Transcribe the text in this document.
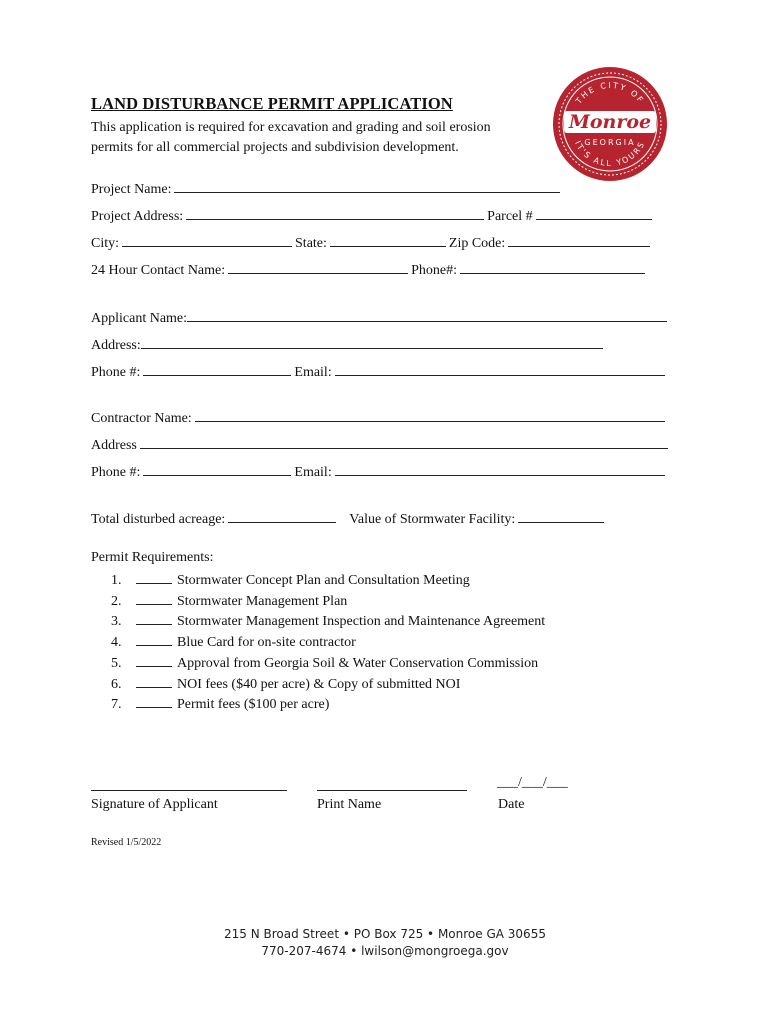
LAND DISTURBANCE PERMIT APPLICATION
This application is required for excavation and grading and soil erosion
permits for all commercial projects and subdivision development.
THE CITY OF
Monroe
GEORGIA
IT'S ALL YOURS
Project Name:
Project Address:	Parcel #
City:	State:	Zip Code:
24 Hour Contact Name:	Phone#:
Applicant Name:
Address:
Phone #:	Email:
Contractor Name:
Address
Phone #:	Email:
Total disturbed acreage:	Value of Stormwater Facility:
Permit Requirements:
1.	Stormwater Concept Plan and Consultation Meeting
2.	Stormwater Management Plan
3.	Stormwater Management Inspection and Maintenance Agreement
4.	Blue Card for on-site contractor
5.	Approval from Georgia Soil & Water Conservation Commission
6.	NOI fees ($40 per acre) & Copy of submitted NOI
7.	Permit fees ($100 per acre)
___/___/___
Signature of Applicant	Print Name	Date
Revised 1/5/2022
215 N Broad Street • PO Box 725 • Monroe GA 30655
770-207-4674 • lwilson@mongroega.gov
